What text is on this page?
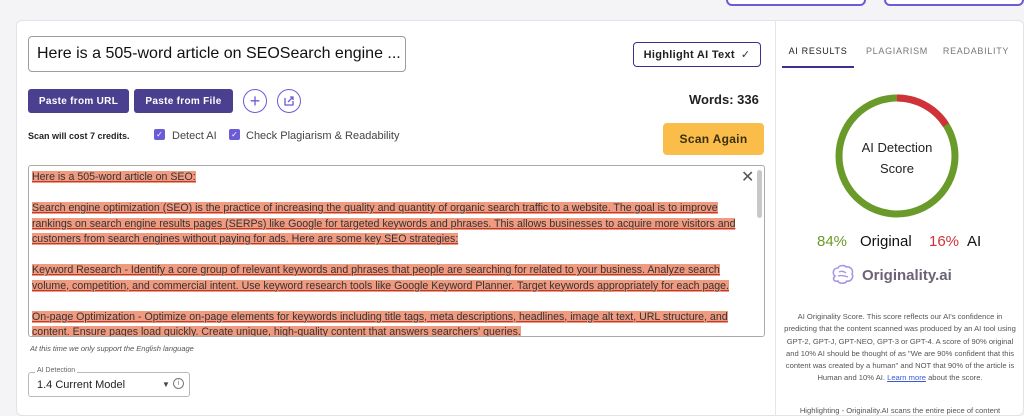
Here is a 505-word article on SEOSearch engine ...	Highlight AI Text ✓	AI RESULTS	PLAGIARISM	READABILITY
Paste from URL	Paste from File	+	Words: 336
Scan will cost 7 credits.	✓ Detect AI ✓ Check Plagiarism & Readability	Scan Again

Here is a 505-word article on SEO:

Search engine optimization (SEO) is the practice of increasing the quality and quantity of organic search traffic to a website. The goal is to improve rankings on search engine results pages (SERPs) like Google for targeted keywords and phrases. This allows businesses to acquire more visitors and customers from search engines without paying for ads. Here are some key SEO strategies:

Keyword Research - Identify a core group of relevant keywords and phrases that people are searching for related to your business. Analyze search volume, competition, and commercial intent. Use keyword research tools like Google Keyword Planner. Target keywords appropriately for each page.

On-page Optimization - Optimize on-page elements for keywords including title tags, meta descriptions, headlines, image alt text, URL structure, and content. Ensure pages load quickly. Create unique, high-quality content that answers searchers' queries.

✕
At this time we only support the English language
AI Detection
1.4 Current Model	▼	i
AI Detection
Score
84% Original 16% AI
Originality.ai
AI Originality Score. This score reflects our AI's confidence in predicting that the content scanned was produced by an AI tool using GPT-2, GPT-J, GPT-NEO, GPT-3 or GPT-4. A score of 90% original and 10% AI should be thought of as "We are 90% confident that this content was created by a human" and NOT that 90% of the article is Human and 10% AI. Learn more about the score.
Highlighting - Originality.AI scans the entire piece of content
